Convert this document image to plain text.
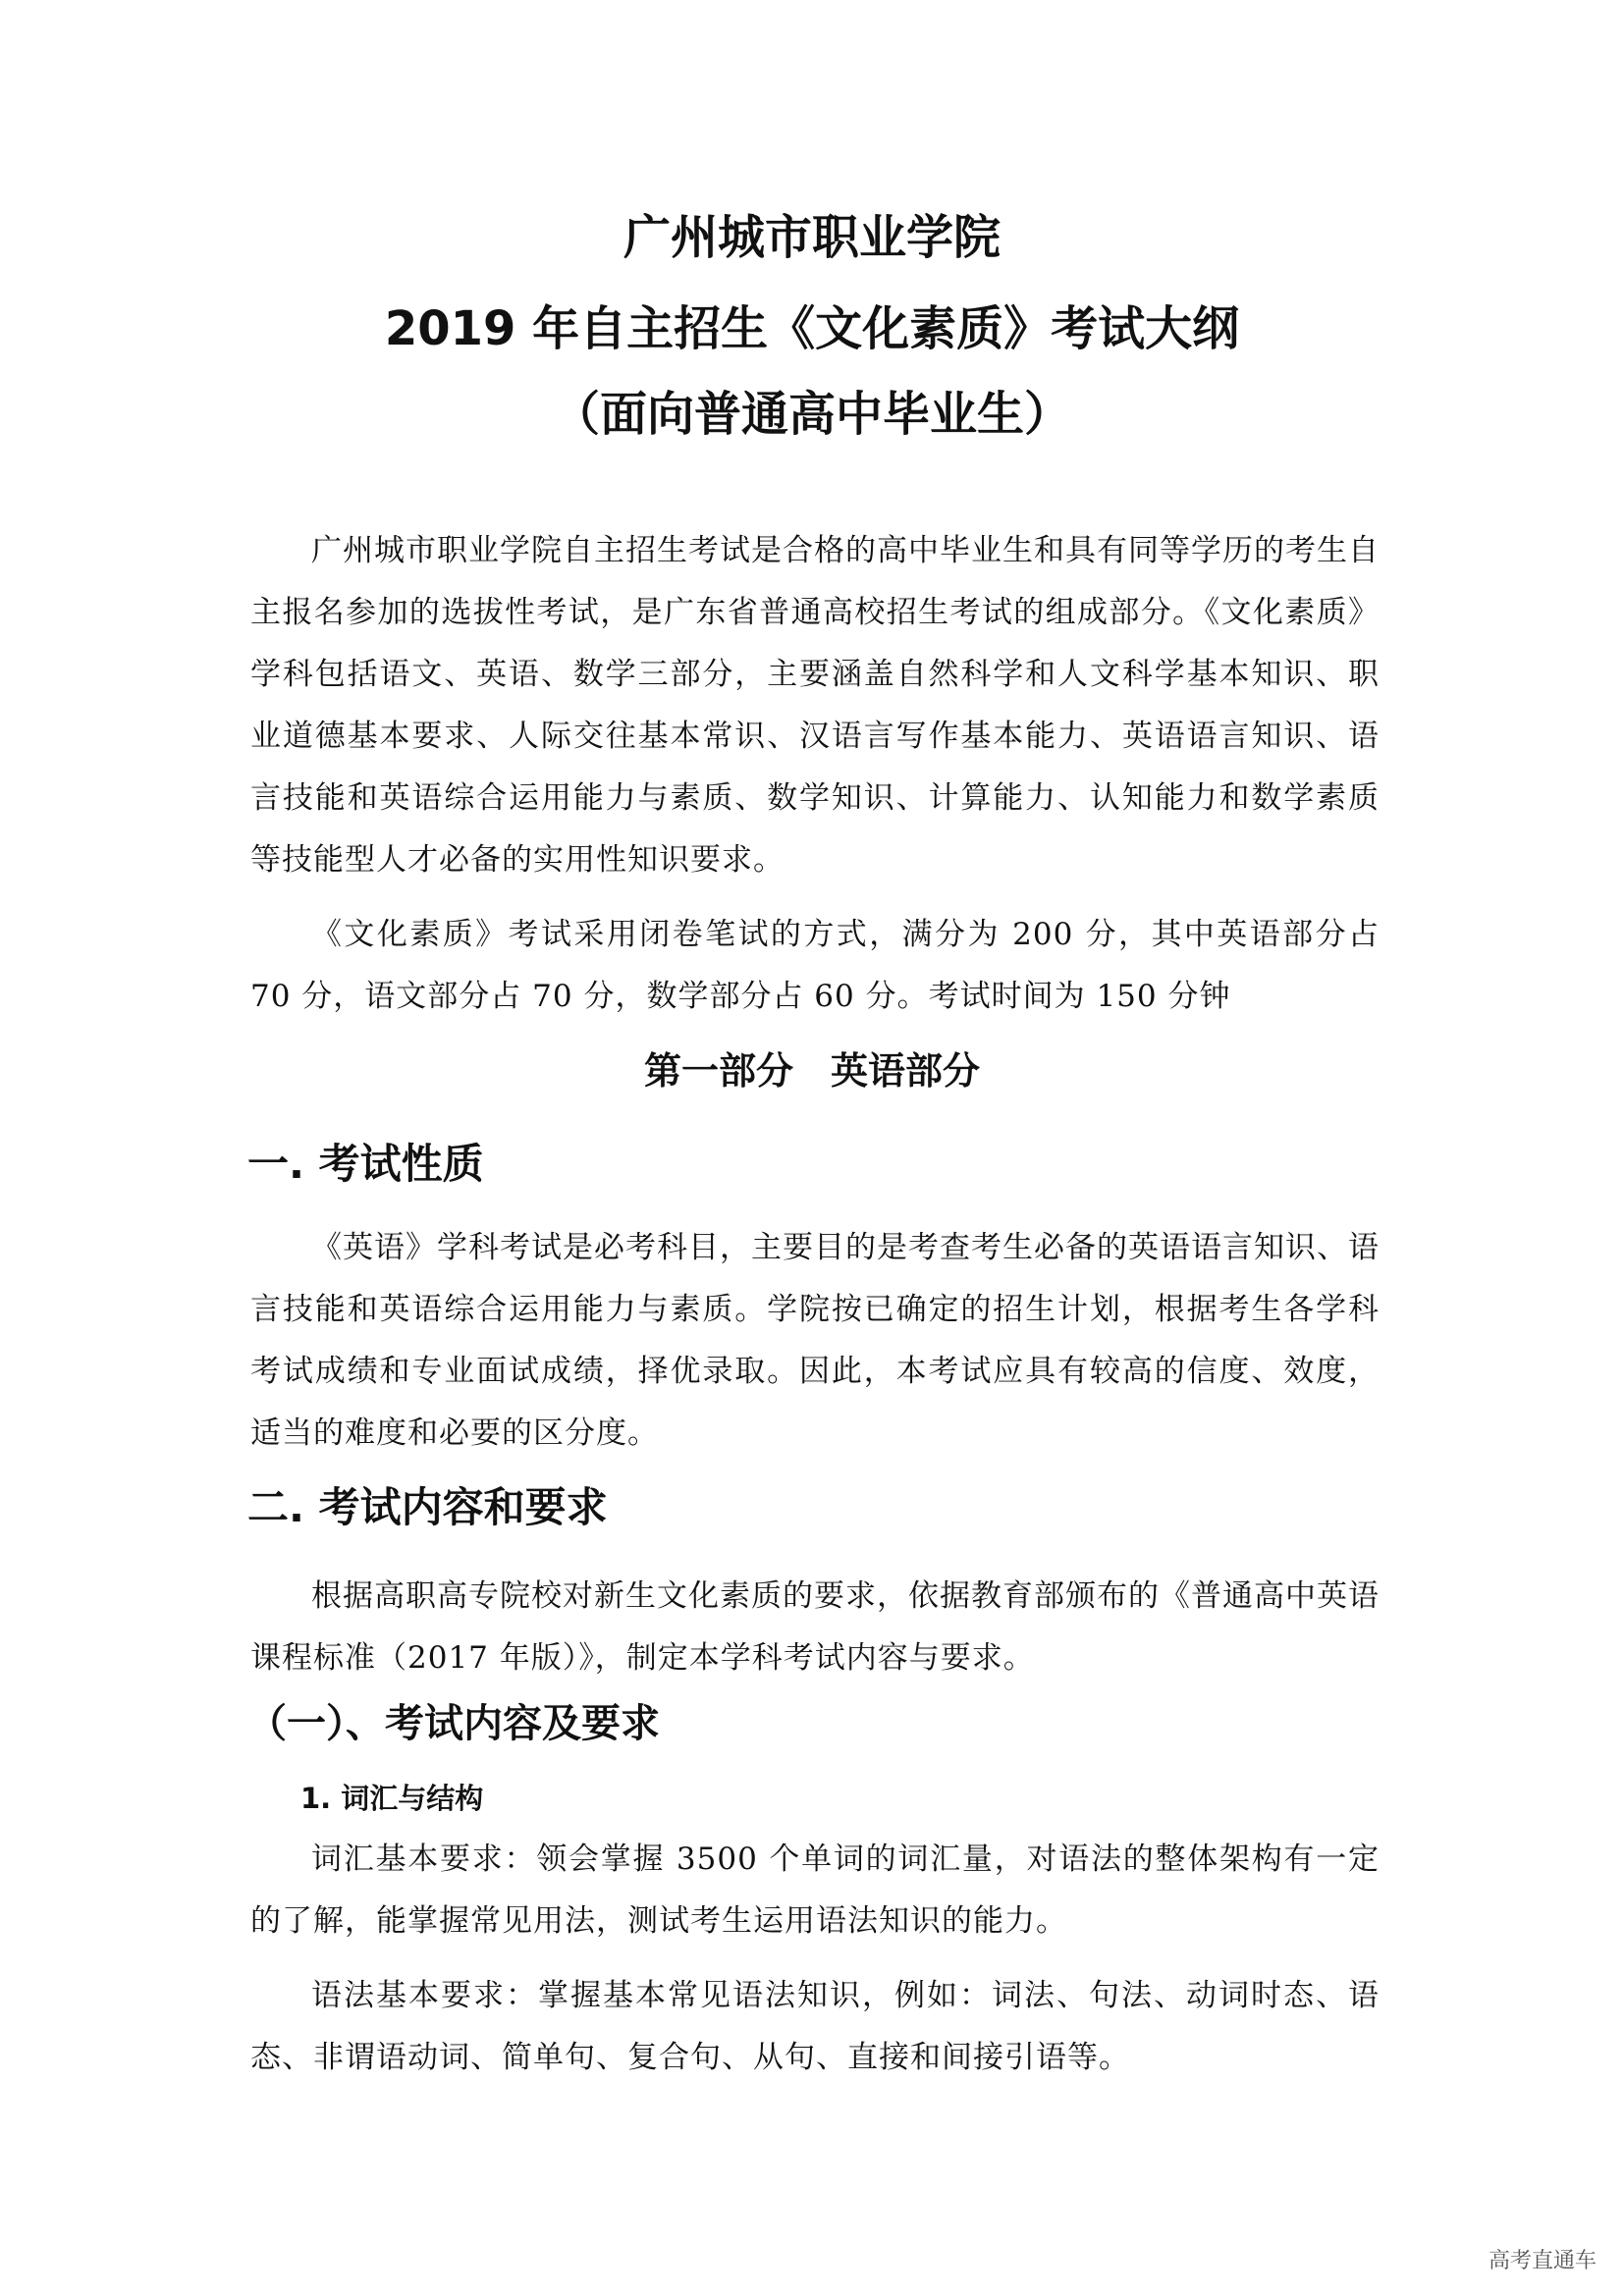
广州城市职业学院
2019 年自主招生《文化素质》考试大纲
（面向普通高中毕业生）
广州城市职业学院自主招生考试是合格的高中毕业生和具有同等学历的考生自主报名参加的选拔性考试，是广东省普通高校招生考试的组成部分。《文化素质》学科包括语文、英语、数学三部分，主要涵盖自然科学和人文科学基本知识、职业道德基本要求、人际交往基本常识、汉语言写作基本能力、英语语言知识、语言技能和英语综合运用能力与素质、数学知识、计算能力、认知能力和数学素质等技能型人才必备的实用性知识要求。
《文化素质》考试采用闭卷笔试的方式，满分为 200 分，其中英语部分占 70 分，语文部分占 70 分，数学部分占 60 分。考试时间为 150 分钟
第一部分　英语部分
一. 考试性质
《英语》学科考试是必考科目，主要目的是考查考生必备的英语语言知识、语言技能和英语综合运用能力与素质。学院按已确定的招生计划，根据考生各学科考试成绩和专业面试成绩，择优录取。因此，本考试应具有较高的信度、效度，适当的难度和必要的区分度。
二. 考试内容和要求
根据高职高专院校对新生文化素质的要求，依据教育部颁布的《普通高中英语课程标准（2017 年版）》，制定本学科考试内容与要求。
（一）、考试内容及要求
1. 词汇与结构
词汇基本要求：领会掌握 3500 个单词的词汇量，对语法的整体架构有一定的了解，能掌握常见用法，测试考生运用语法知识的能力。
语法基本要求：掌握基本常见语法知识，例如：词法、句法、动词时态、语态、非谓语动词、简单句、复合句、从句、直接和间接引语等。
高考直通车
